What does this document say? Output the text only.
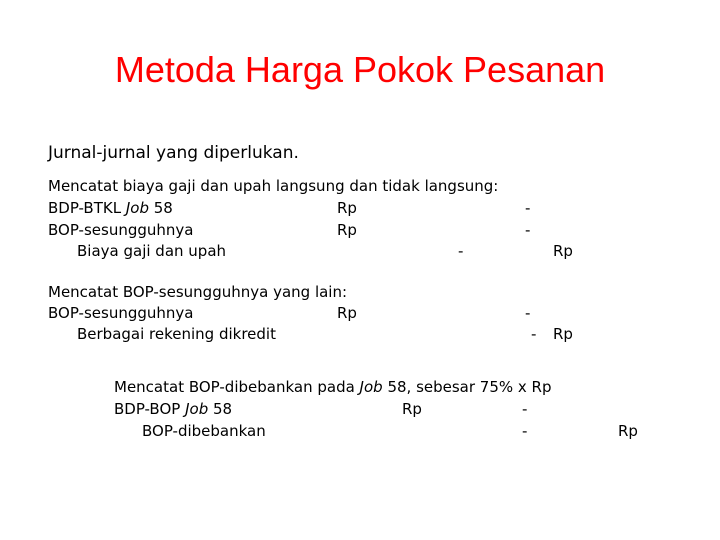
Metoda Harga Pokok Pesanan
Jurnal-jurnal yang diperlukan.
Mencatat biaya gaji dan upah langsung dan tidak langsung:
BDP-BTKL Job 58	Rp	-
BOP-sesungguhnya	Rp	-
Biaya gaji dan upah	-	Rp
Mencatat BOP-sesungguhnya yang lain:
BOP-sesungguhnya	Rp	-
Berbagai rekening dikredit	- Rp
Mencatat BOP-dibebankan pada Job 58, sebesar 75% x Rp
BDP-BOP Job 58	Rp	-
BOP-dibebankan	-	Rp
